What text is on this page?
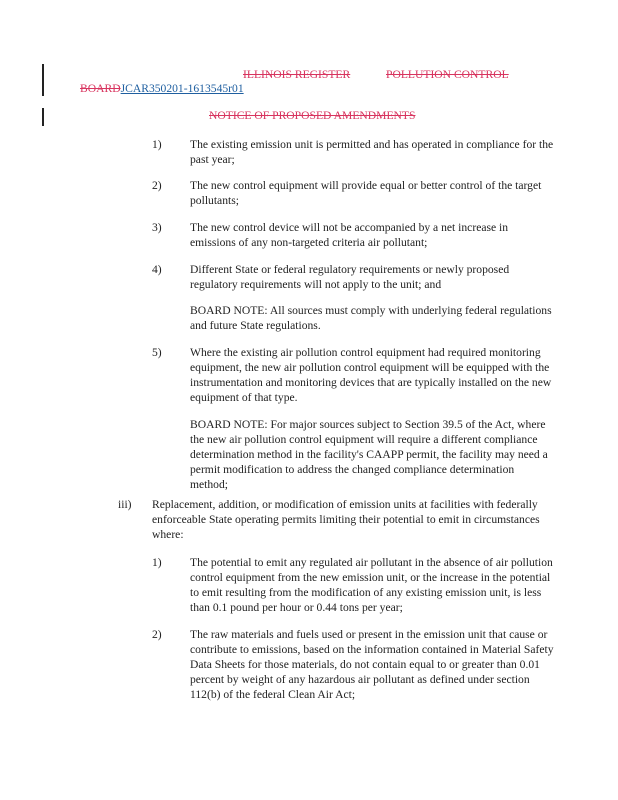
ILLINOIS REGISTER	POLLUTION CONTROL
BOARDJCAR350201-1613545r01
NOTICE OF PROPOSED AMENDMENTS
1) The existing emission unit is permitted and has operated in compliance for the past year;
2) The new control equipment will provide equal or better control of the target pollutants;
3) The new control device will not be accompanied by a net increase in emissions of any non-targeted criteria air pollutant;
4) Different State or federal regulatory requirements or newly proposed regulatory requirements will not apply to the unit; and
BOARD NOTE: All sources must comply with underlying federal regulations and future State regulations.
5) Where the existing air pollution control equipment had required monitoring equipment, the new air pollution control equipment will be equipped with the instrumentation and monitoring devices that are typically installed on the new equipment of that type.
BOARD NOTE: For major sources subject to Section 39.5 of the Act, where the new air pollution control equipment will require a different compliance determination method in the facility's CAAPP permit, the facility may need a permit modification to address the changed compliance determination method;
iii) Replacement, addition, or modification of emission units at facilities with federally enforceable State operating permits limiting their potential to emit in circumstances where:
1) The potential to emit any regulated air pollutant in the absence of air pollution control equipment from the new emission unit, or the increase in the potential to emit resulting from the modification of any existing emission unit, is less than 0.1 pound per hour or 0.44 tons per year;
2) The raw materials and fuels used or present in the emission unit that cause or contribute to emissions, based on the information contained in Material Safety Data Sheets for those materials, do not contain equal to or greater than 0.01 percent by weight of any hazardous air pollutant as defined under section 112(b) of the federal Clean Air Act;
